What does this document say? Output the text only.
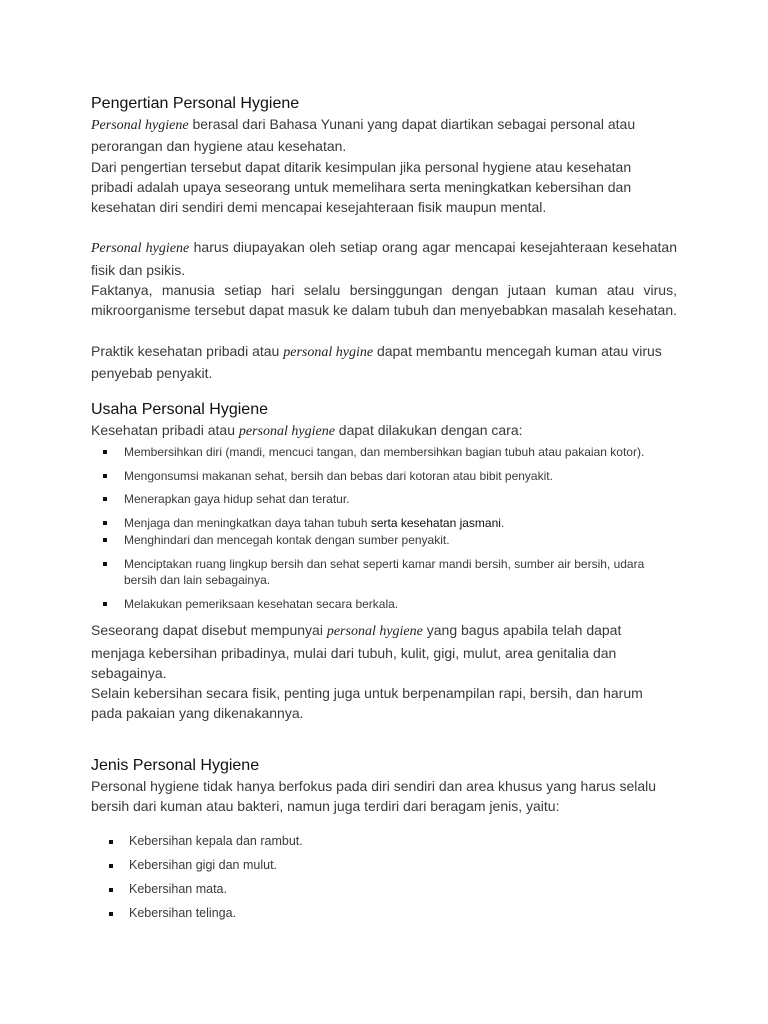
Pengertian Personal Hygiene

Personal hygiene berasal dari Bahasa Yunani yang dapat diartikan sebagai personal atau perorangan dan hygiene atau kesehatan.

Dari pengertian tersebut dapat ditarik kesimpulan jika personal hygiene atau kesehatan pribadi adalah upaya seseorang untuk memelihara serta meningkatkan kebersihan dan kesehatan diri sendiri demi mencapai kesejahteraan fisik maupun mental.

Personal hygiene harus diupayakan oleh setiap orang agar mencapai kesejahteraan kesehatan fisik dan psikis.

Faktanya, manusia setiap hari selalu bersinggungan dengan jutaan kuman atau virus, mikroorganisme tersebut dapat masuk ke dalam tubuh dan menyebabkan masalah kesehatan.

Praktik kesehatan pribadi atau personal hygine dapat membantu mencegah kuman atau virus penyebab penyakit.

Usaha Personal Hygiene

Kesehatan pribadi atau personal hygiene dapat dilakukan dengan cara:

Membersihkan diri (mandi, mencuci tangan, dan membersihkan bagian tubuh atau pakaian kotor).
Mengonsumsi makanan sehat, bersih dan bebas dari kotoran atau bibit penyakit.
Menerapkan gaya hidup sehat dan teratur.
Menjaga dan meningkatkan daya tahan tubuh serta kesehatan jasmani.
Menghindari dan mencegah kontak dengan sumber penyakit.
Menciptakan ruang lingkup bersih dan sehat seperti kamar mandi bersih, sumber air bersih, udara bersih dan lain sebagainya.
Melakukan pemeriksaan kesehatan secara berkala.

Seseorang dapat disebut mempunyai personal hygiene yang bagus apabila telah dapat menjaga kebersihan pribadinya, mulai dari tubuh, kulit, gigi, mulut, area genitalia dan sebagainya.

Selain kebersihan secara fisik, penting juga untuk berpenampilan rapi, bersih, dan harum pada pakaian yang dikenakannya.

Jenis Personal Hygiene

Personal hygiene tidak hanya berfokus pada diri sendiri dan area khusus yang harus selalu bersih dari kuman atau bakteri, namun juga terdiri dari beragam jenis, yaitu:

Kebersihan kepala dan rambut.
Kebersihan gigi dan mulut.
Kebersihan mata.
Kebersihan telinga.
